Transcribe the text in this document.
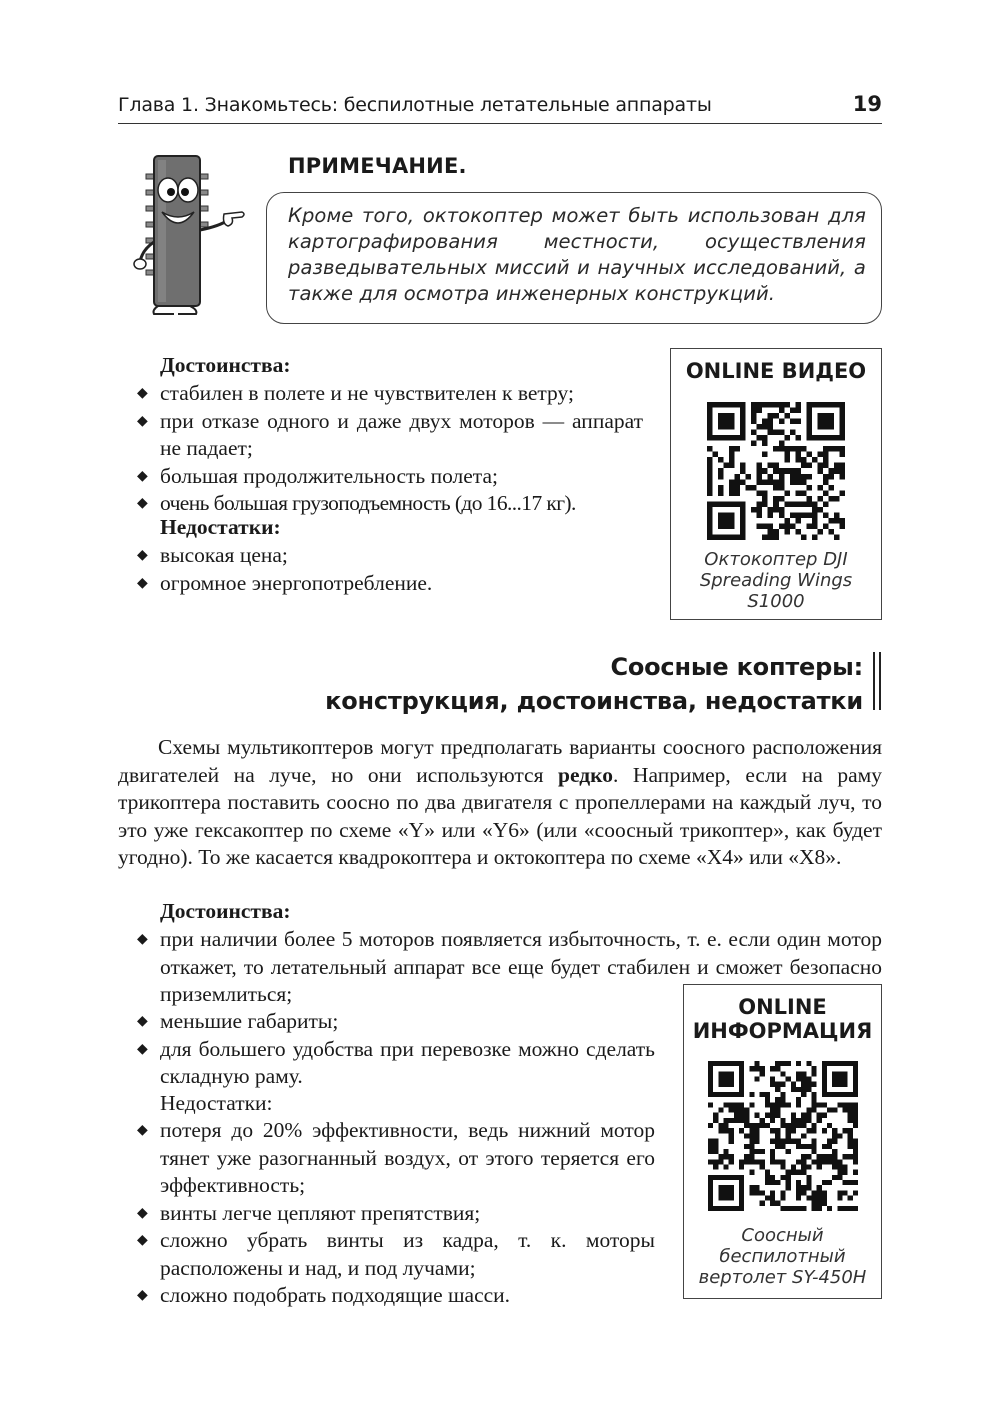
Глава 1. Знакомьтесь: беспилотные летательные аппараты	19
ПРИМЕЧАНИЕ.
Кроме того, октокоптер может быть использован для картографирования местности, осуществления разведывательных миссий и научных исследований, а также для осмотра инженерных конструкций.
Достоинства:
◆ стабилен в полете и не чувствителен к ветру;
◆ при отказе одного и даже двух моторов — аппарат не падает;
◆ большая продолжительность полета;
◆ очень большая грузоподъемность (до 16...17 кг).
Недостатки:
◆ высокая цена;
◆ огромное энергопотребление.
ONLINE ВИДЕО
Октокоптер DJI
Spreading Wings
S1000
Соосные коптеры:
конструкция, достоинства, недостатки

Схемы мультикоптеров могут предполагать варианты соосного расположения двигателей на луче, но они используются редко. Например, если на раму трикоптера поставить соосно по два двигателя с пропеллерами на каждый луч, то это уже гексакоптер по схеме «Y» или «Y6» (или «соосный трикоптер», как будет угодно). То же касается квадрокоптера и октокоптера по схеме «X4» или «X8».

Достоинства:
◆ при наличии более 5 моторов появляется избыточность, т. е. если один мотор откажет, то летательный аппарат все еще будет стабилен и сможет безопасно приземлиться;
◆ меньшие габариты;
◆ для большего удобства при перевозке можно сделать складную раму.
Недостатки:
◆ потеря до 20% эффективности, ведь нижний мотор тянет уже разогнанный воздух, от этого теряется его эффективность;
◆ винты легче цепляют препятствия;
◆ сложно убрать винты из кадра, т. к. моторы расположены и над, и под лучами;
◆ сложно подобрать подходящие шасси.
ONLINE
ИНФОРМАЦИЯ
Соосный
беспилотный
вертолет SY-450H
